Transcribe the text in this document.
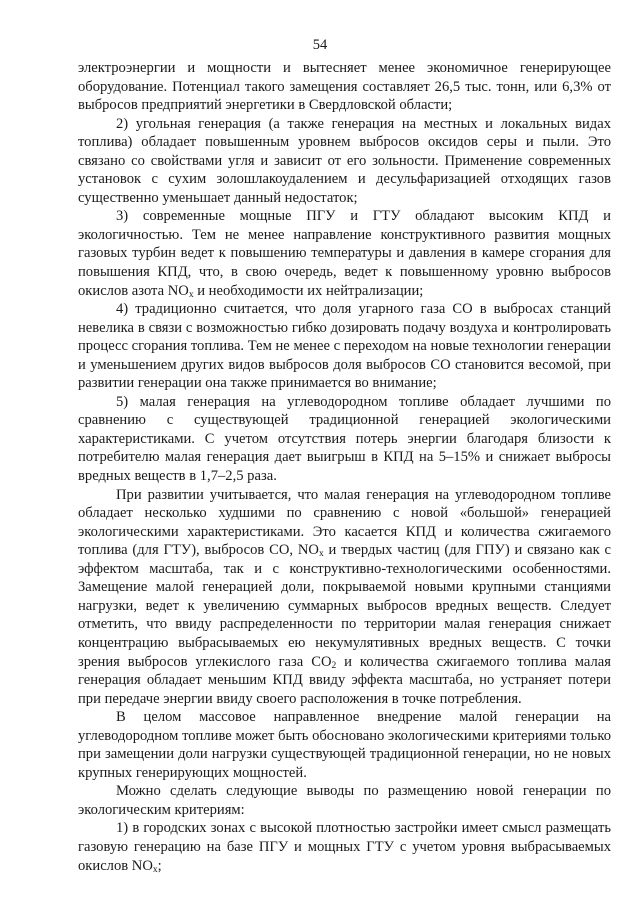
54

электроэнергии и мощности и вытесняет менее экономичное генерирующее оборудование. Потенциал такого замещения составляет 26,5 тыс. тонн, или 6,3% от выбросов предприятий энергетики в Свердловской области;

2) угольная генерация (а также генерация на местных и локальных видах топлива) обладает повышенным уровнем выбросов оксидов серы и пыли. Это связано со свойствами угля и зависит от его зольности. Применение современных установок с сухим золошлакоудалением и десульфаризацией отходящих газов существенно уменьшает данный недостаток;

3) современные мощные ПГУ и ГТУ обладают высоким КПД и экологичностью. Тем не менее направление конструктивного развития мощных газовых турбин ведет к повышению температуры и давления в камере сгорания для повышения КПД, что, в свою очередь, ведет к повышенному уровню выбросов окислов азота $NO_x$ и необходимости их нейтрализации;

4) традиционно считается, что доля угарного газа CO в выбросах станций невелика в связи с возможностью гибко дозировать подачу воздуха и контролировать процесс сгорания топлива. Тем не менее с переходом на новые технологии генерации и уменьшением других видов выбросов доля выбросов CO становится весомой, при развитии генерации она также принимается во внимание;

5) малая генерация на углеводородном топливе обладает лучшими по сравнению с существующей традиционной генерацией экологическими характеристиками. С учетом отсутствия потерь энергии благодаря близости к потребителю малая генерация дает выигрыш в КПД на 5–15% и снижает выбросы вредных веществ в 1,7–2,5 раза.

При развитии учитывается, что малая генерация на углеводородном топливе обладает несколько худшими по сравнению с новой «большой» генерацией экологическими характеристиками. Это касается КПД и количества сжигаемого топлива (для ГТУ), выбросов CO, $NO_x$ и твердых частиц (для ГПУ) и связано как с эффектом масштаба, так и с конструктивно-технологическими особенностями. Замещение малой генерацией доли, покрываемой новыми крупными станциями нагрузки, ведет к увеличению суммарных выбросов вредных веществ. Следует отметить, что ввиду распределенности по территории малая генерация снижает концентрацию выбрасываемых ею некумулятивных вредных веществ. С точки зрения выбросов углекислого газа $CO_2$ и количества сжигаемого топлива малая генерация обладает меньшим КПД ввиду эффекта масштаба, но устраняет потери при передаче энергии ввиду своего расположения в точке потребления.

В целом массовое направленное внедрение малой генерации на углеводородном топливе может быть обосновано экологическими критериями только при замещении доли нагрузки существующей традиционной генерации, но не новых крупных генерирующих мощностей.

Можно сделать следующие выводы по размещению новой генерации по экологическим критериям:

1) в городских зонах с высокой плотностью застройки имеет смысл размещать газовую генерацию на базе ПГУ и мощных ГТУ с учетом уровня выбрасываемых окислов $NO_x$;
